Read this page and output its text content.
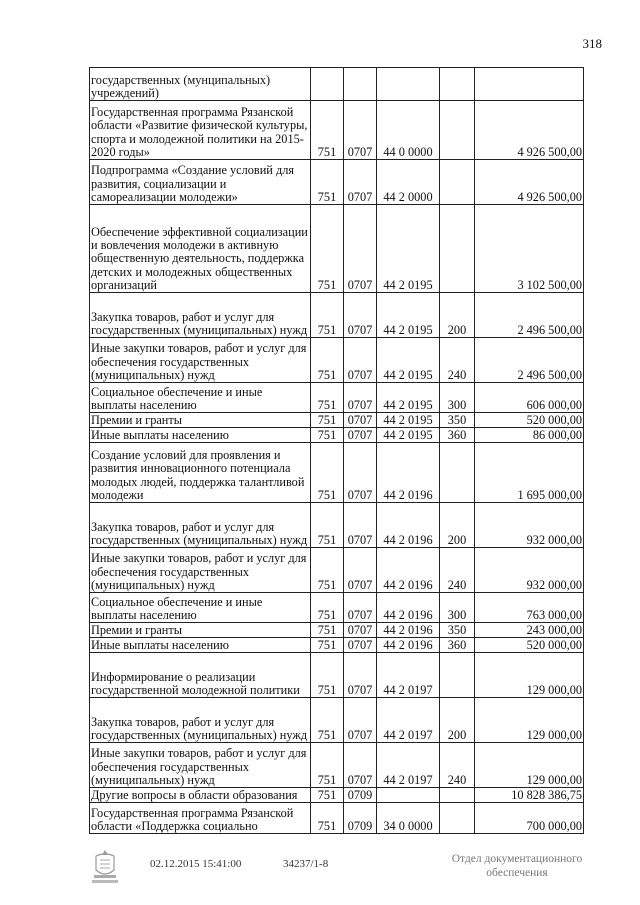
318
государственных (мунципальных) учреждений)					
Государственная программа Рязанской области «Развитие физической культуры, спорта и молодежной политики на 2015-2020 годы»	751	0707	44 0 0000		4 926 500,00
Подпрограмма «Создание условий для развития, социализации и самореализации молодежи»	751	0707	44 2 0000		4 926 500,00
Обеспечение эффективной социализации и вовлечения молодежи в активную общественную деятельность, поддержка детских и молодежных общественных организаций	751	0707	44 2 0195		3 102 500,00
Закупка товаров, работ и услуг для государственных (муниципальных) нужд	751	0707	44 2 0195	200	2 496 500,00
Иные закупки товаров, работ и услуг для обеспечения государственных (муниципальных) нужд	751	0707	44 2 0195	240	2 496 500,00
Социальное обеспечение и иные выплаты населению	751	0707	44 2 0195	300	606 000,00
Премии и гранты	751	0707	44 2 0195	350	520 000,00
Иные выплаты населению	751	0707	44 2 0195	360	86 000,00
Создание условий для проявления и развития инновационного потенциала молодых людей, поддержка талантливой молодежи	751	0707	44 2 0196		1 695 000,00
Закупка товаров, работ и услуг для государственных (муниципальных) нужд	751	0707	44 2 0196	200	932 000,00
Иные закупки товаров, работ и услуг для обеспечения государственных (муниципальных) нужд	751	0707	44 2 0196	240	932 000,00
Социальное обеспечение и иные выплаты населению	751	0707	44 2 0196	300	763 000,00
Премии и гранты	751	0707	44 2 0196	350	243 000,00
Иные выплаты населению	751	0707	44 2 0196	360	520 000,00
Информирование о реализации государственной молодежной политики	751	0707	44 2 0197		129 000,00
Закупка товаров, работ и услуг для государственных (муниципальных) нужд	751	0707	44 2 0197	200	129 000,00
Иные закупки товаров, работ и услуг для обеспечения государственных (муниципальных) нужд	751	0707	44 2 0197	240	129 000,00
Другие вопросы в области образования	751	0709			10 828 386,75
Государственная программа Рязанской области «Поддержка социально	751	0709	34 0 0000		700 000,00
02.12.2015 15:41:00	34237/1-8	Отдел документационного
обеспечения
